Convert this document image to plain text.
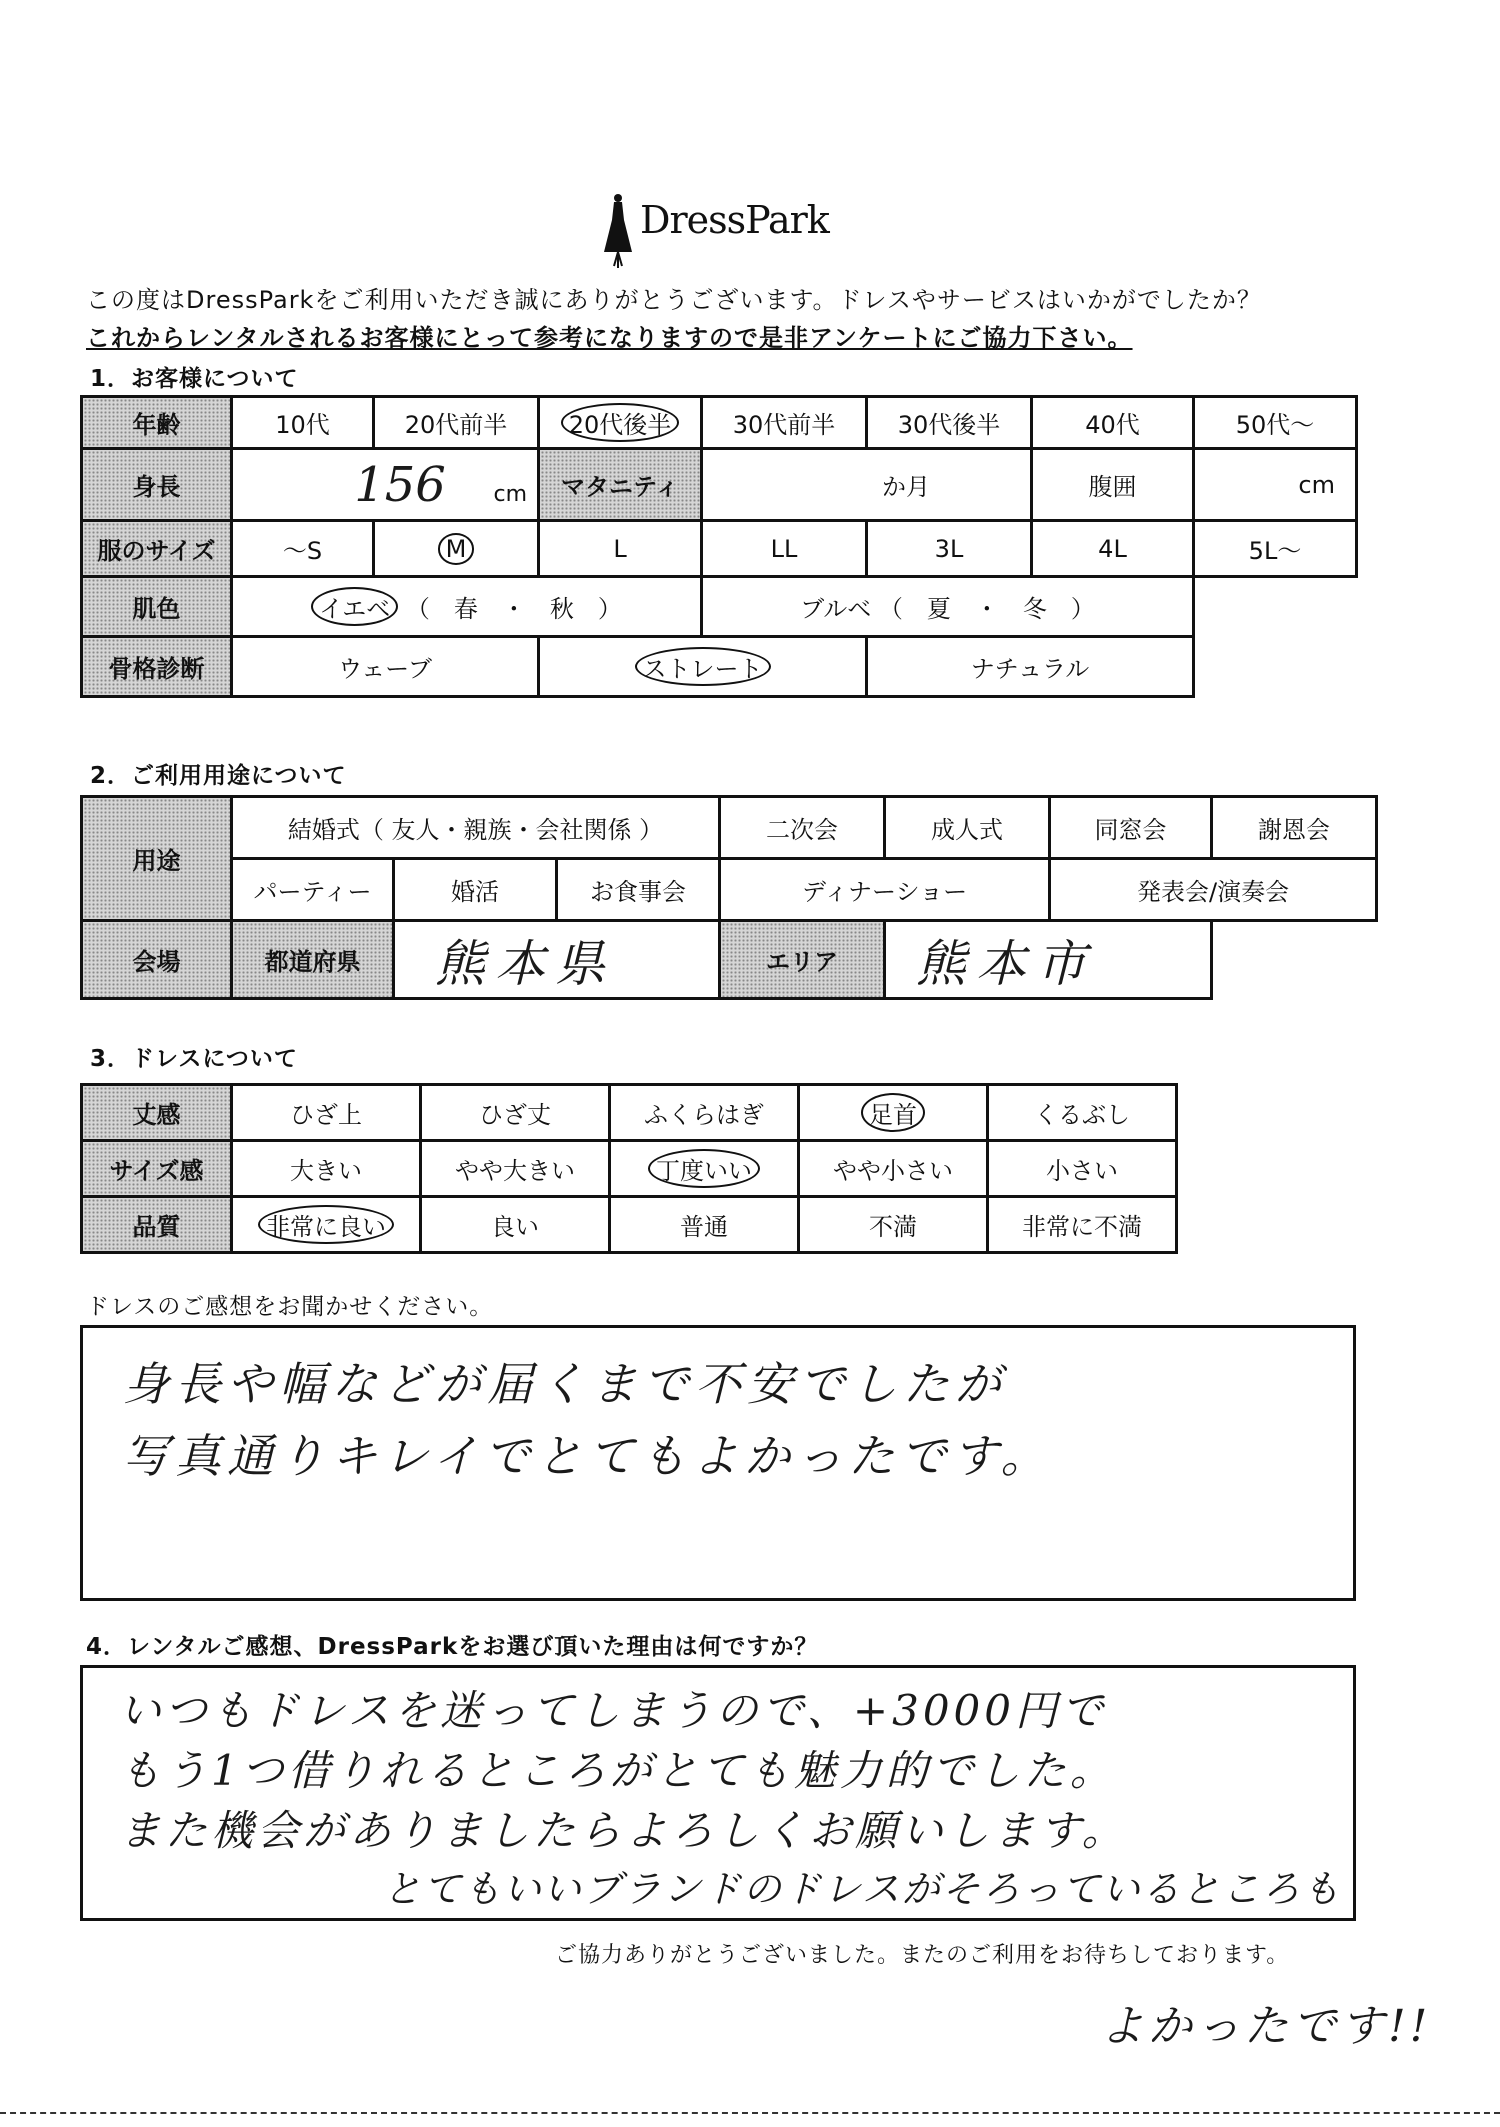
DressPark
この度はDressParkをご利用いただき誠にありがとうございます。ドレスやサービスはいかがでしたか？
これからレンタルされるお客様にとって参考になりますので是非アンケートにご協力下さい。
1．お客様について
年齢	10代	20代前半	20代後半	30代前半	30代後半	40代	50代～
身長	156 cm		マタニティ	か月		腹囲	cm
服のサイズ	～S	M	L	LL	3L	4L	5L～
肌色	イエベ （　春　・　秋　）			ブルベ （　夏　・　冬　）			
骨格診断	ウェーブ		ストレート		ナチュラル		
2．ご利用用途について
用途	結婚式（ 友人・親族・会社関係 ）			二次会	成人式	同窓会	謝恩会
	パーティー	婚活	お食事会	ディナーショー		発表会/演奏会	
会場	都道府県	熊本県		エリア	熊本市		
3．ドレスについて
丈感	ひざ上	ひざ丈	ふくらはぎ	足首	くるぶし
サイズ感	大きい	やや大きい	丁度いい	やや小さい	小さい
品質	非常に良い	良い	普通	不満	非常に不満
ドレスのご感想をお聞かせください。
身長や幅などが届くまで不安でしたが
写真通りキレイでとてもよかったです。
4．レンタルご感想、DressParkをお選び頂いた理由は何ですか？
いつもドレスを迷ってしまうので、+3000円で
もう1つ借りれるところがとても魅力的でした。
また機会がありましたらよろしくお願いします。
とてもいいブランドのドレスがそろっているところも
ご協力ありがとうございました。またのご利用をお待ちしております。
よかったです!!
